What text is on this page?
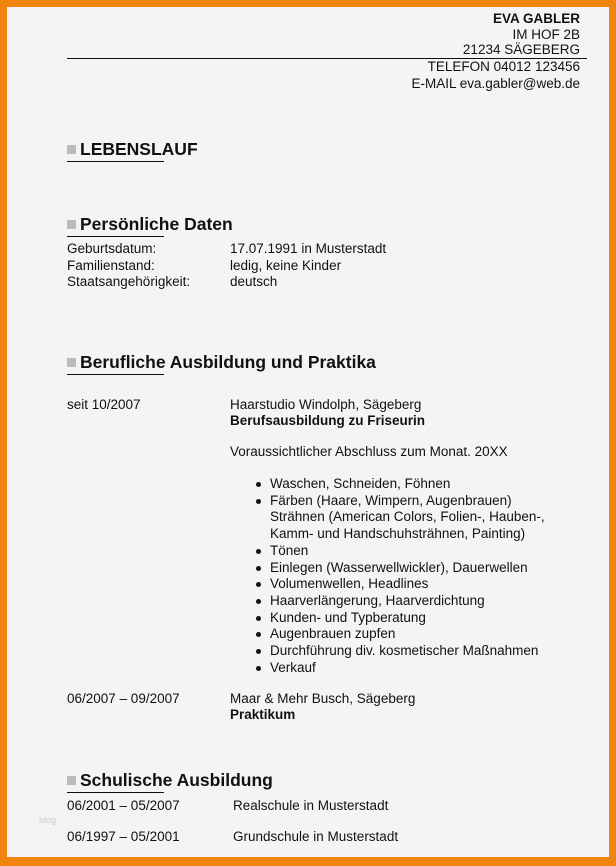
EVA GABLER
IM HOF 2B
21234 SÄGEBERG
TELEFON 04012 123456
E-MAIL eva.gabler@web.de
LEBENSLAUF
Persönliche Daten
Geburtsdatum:	17.07.1991 in Musterstadt
Familienstand:	ledig, keine Kinder
Staatsangehörigkeit:	deutsch
Berufliche Ausbildung und Praktika
seit 10/2007	Haarstudio Windolph, Sägeberg
Berufsausbildung zu Friseurin
Voraussichtlicher Abschluss zum Monat. 20XX
Waschen, Schneiden, Föhnen
Färben (Haare, Wimpern, Augenbrauen)
Strähnen (American Colors, Folien-, Hauben-,
Kamm- und Handschuhsträhnen, Painting)
Tönen
Einlegen (Wasserwellwickler), Dauerwellen
Volumenwellen, Headlines
Haarverlängerung, Haarverdichtung
Kunden- und Typberatung
Augenbrauen zupfen
Durchführung div. kosmetischer Maßnahmen
Verkauf
06/2007 – 09/2007	Maar & Mehr Busch, Sägeberg
Praktikum
Schulische Ausbildung
06/2001 – 05/2007	Realschule in Musterstadt
06/1997 – 05/2001	Grundschule in Musterstadt
blog
